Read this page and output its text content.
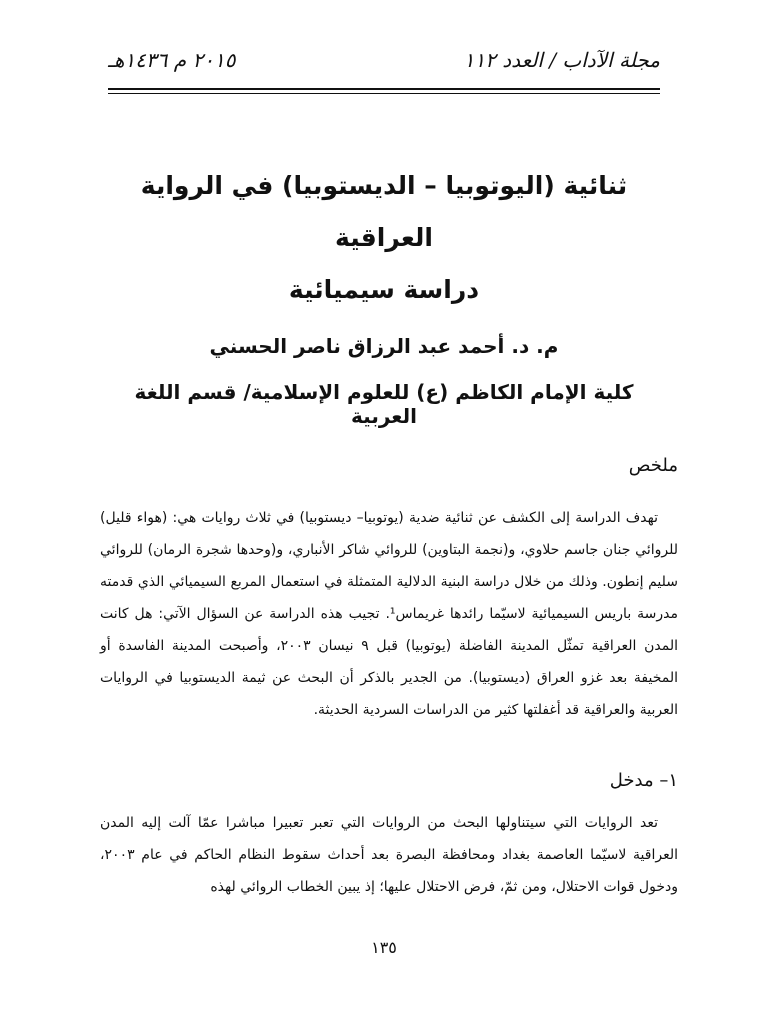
مجلة الآداب / العدد ١١٢
٢٠١٥ م ١٤٣٦هـ
ثنائية (اليوتوبيا – الديستوبيا) في الرواية العراقية
دراسة سيميائية
م. د. أحمد عبد الرزاق ناصر الحسني
كلية الإمام الكاظم (ع) للعلوم الإسلامية/ قسم اللغة العربية
ملخص

تهدف الدراسة إلى الكشف عن ثنائية ضدية (يوتوبيا– ديستوبيا) في ثلاث روايات هي: (هواء قليل) للروائي جنان جاسم حلاوي، و(نجمة البتاوين) للروائي شاكر الأنباري، و(وحدها شجرة الرمان) للروائي سليم إنطون. وذلك من خلال دراسة البنية الدلالية المتمثلة في استعمال المربع السيميائي الذي قدمته مدرسة باريس السيميائية لاسيّما رائدها غريماس¹. تجيب هذه الدراسة عن السؤال الآتي: هل كانت المدن العراقية تمثّل المدينة الفاضلة (يوتوبيا) قبل ٩ نيسان ٢٠٠٣، وأصبحت المدينة الفاسدة أو المخيفة بعد غزو العراق (ديستوبيا). من الجدير بالذكر أن البحث عن ثيمة الديستوبيا في الروايات العربية والعراقية قد أغفلتها كثير من الدراسات السردية الحديثة.

١– مدخل

تعد الروايات التي سيتناولها البحث من الروايات التي تعبر تعبيرا مباشرا عمّا آلت إليه المدن العراقية لاسيّما العاصمة بغداد ومحافظة البصرة بعد أحداث سقوط النظام الحاكم في عام ٢٠٠٣، ودخول قوات الاحتلال، ومن ثمّ، فرض الاحتلال عليها؛ إذ يبين الخطاب الروائي لهذه

١٣٥
